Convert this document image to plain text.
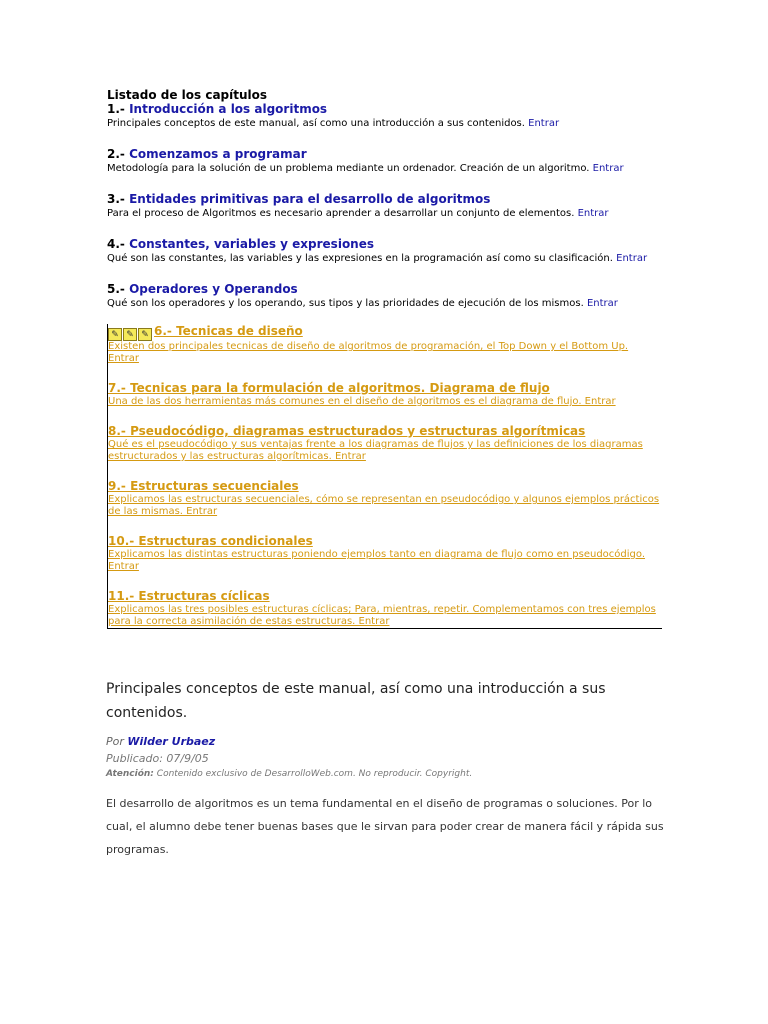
Listado de los capítulos
1.- Introducción a los algoritmos
Principales conceptos de este manual, así como una introducción a sus contenidos. Entrar
2.- Comenzamos a programar
Metodología para la solución de un problema mediante un ordenador. Creación de un algoritmo. Entrar
3.- Entidades primitivas para el desarrollo de algoritmos
Para el proceso de Algoritmos es necesario aprender a desarrollar un conjunto de elementos. Entrar
4.- Constantes, variables y expresiones
Qué son las constantes, las variables y las expresiones en la programación así como su clasificación. Entrar
5.- Operadores y Operandos
Qué son los operadores y los operando, sus tipos y las prioridades de ejecución de los mismos. Entrar
✎ ✎ ✎ 6.- Tecnicas de diseño
Existen dos principales tecnicas de diseño de algoritmos de programación, el Top Down y el Bottom Up.
Entrar
7.- Tecnicas para la formulación de algoritmos. Diagrama de flujo
Una de las dos herramientas más comunes en el diseño de algoritmos es el diagrama de flujo. Entrar
8.- Pseudocódigo, diagramas estructurados y estructuras algorítmicas
Qué es el pseudocódigo y sus ventajas frente a los diagramas de flujos y las definiciones de los diagramas
estructurados y las estructuras algorítmicas. Entrar
9.- Estructuras secuenciales
Explicamos las estructuras secuenciales, cómo se representan en pseudocódigo y algunos ejemplos prácticos
de las mismas. Entrar
10.- Estructuras condicionales
Explicamos las distintas estructuras poniendo ejemplos tanto en diagrama de flujo como en pseudocódigo.
Entrar
11.- Estructuras cíclicas
Explicamos las tres posibles estructuras cíclicas; Para, mientras, repetir. Complementamos con tres ejemplos
para la correcta asimilación de estas estructuras. Entrar
Principales conceptos de este manual, así como una introducción a sus contenidos.
Por Wilder Urbaez
Publicado: 07/9/05
Atención: Contenido exclusivo de DesarrolloWeb.com. No reproducir. Copyright.

El desarrollo de algoritmos es un tema fundamental en el diseño de programas o soluciones. Por lo cual, el alumno debe tener buenas bases que le sirvan para poder crear de manera fácil y rápida sus programas.
